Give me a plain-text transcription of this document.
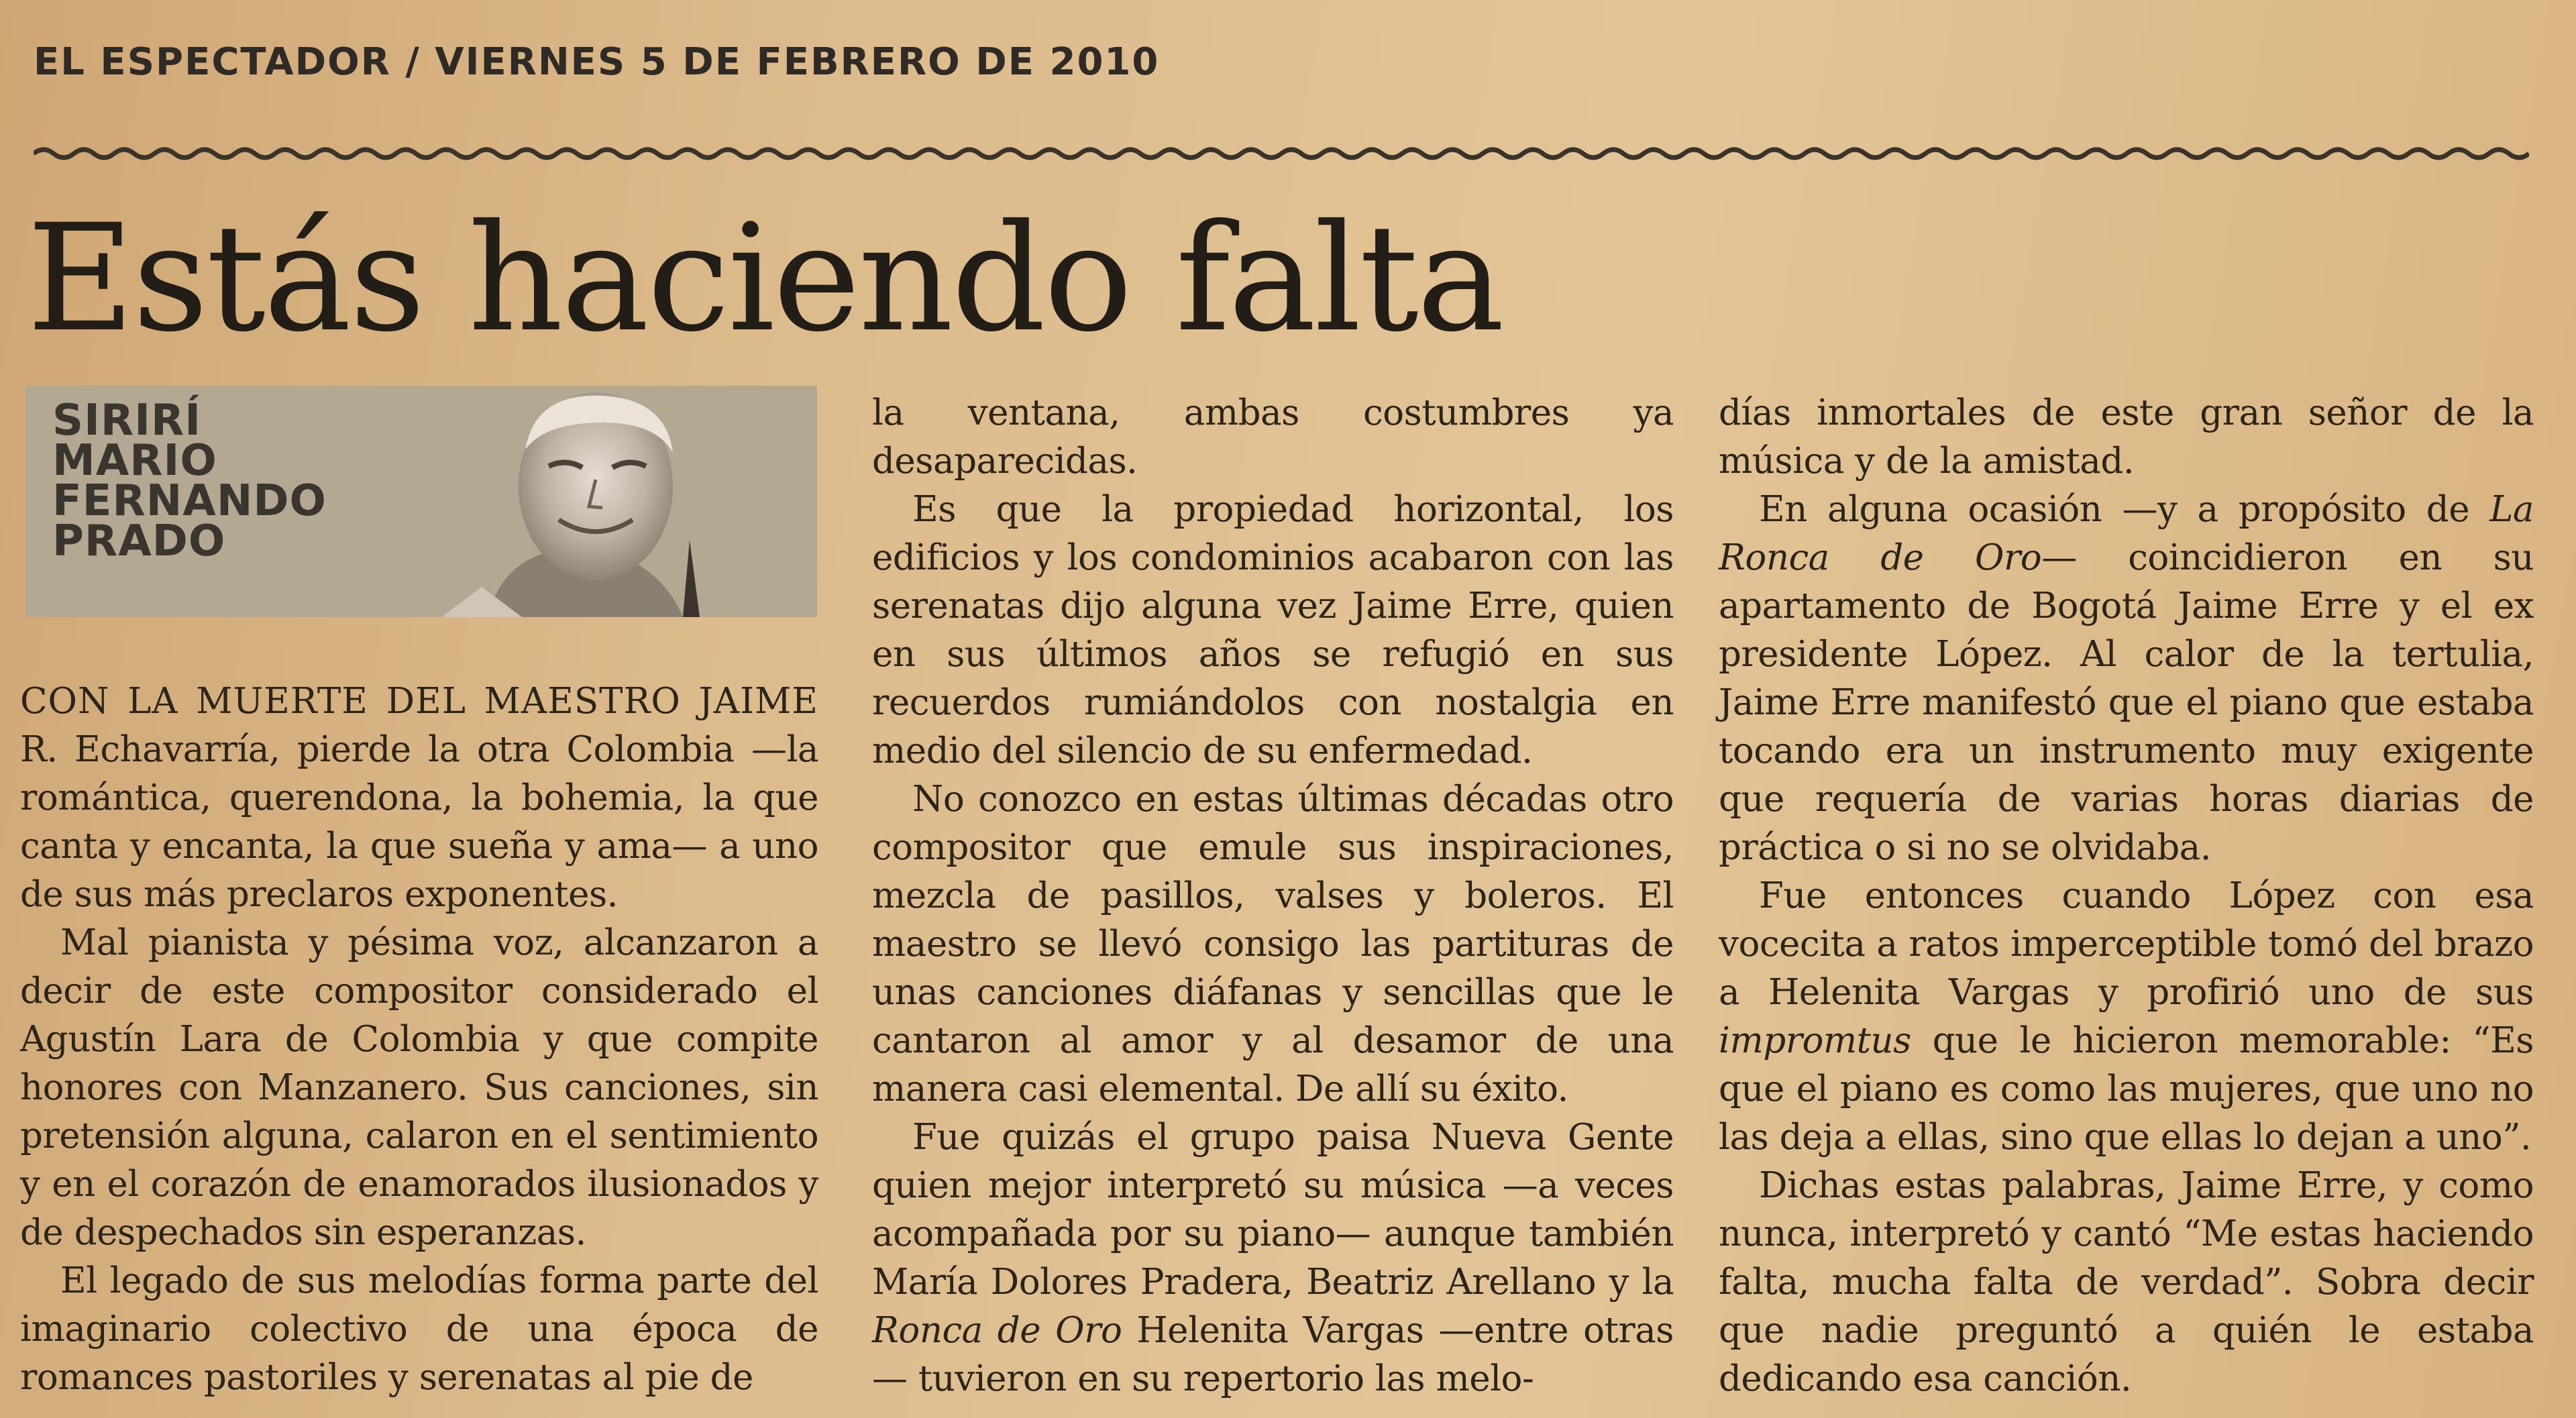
EL ESPECTADOR / VIERNES 5 DE FEBRERO DE 2010
Estás haciendo falta
SIRIRÍ
MARIO
FERNANDO
PRADO

CON LA MUERTE DEL MAESTRO JAIME R. Echavarría, pierde la otra Colombia —la romántica, querendona, la bohemia, la que canta y encanta, la que sueña y ama— a uno de sus más preclaros exponentes.

Mal pianista y pésima voz, alcanzaron a decir de este compositor considerado el Agustín Lara de Colombia y que compite honores con Manzanero. Sus canciones, sin pretensión alguna, calaron en el sentimiento y en el corazón de enamorados ilusionados y de despechados sin esperanzas.

El legado de sus melodías forma parte del imaginario colectivo de una época de romances pastoriles y serenatas al pie de

la ventana, ambas costumbres ya desaparecidas.

Es que la propiedad horizontal, los edificios y los condominios acabaron con las serenatas dijo alguna vez Jaime Erre, quien en sus últimos años se refugió en sus recuerdos rumiándolos con nostalgia en medio del silencio de su enfermedad.

No conozco en estas últimas décadas otro compositor que emule sus inspiraciones, mezcla de pasillos, valses y boleros. El maestro se llevó consigo las partituras de unas canciones diáfanas y sencillas que le cantaron al amor y al desamor de una manera casi elemental. De allí su éxito.

Fue quizás el grupo paisa Nueva Gente quien mejor interpretó su música —a veces acompañada por su piano— aunque también María Dolores Pradera, Beatriz Arellano y la Ronca de Oro Helenita Vargas —entre otras— tuvieron en su repertorio las melo-

días inmortales de este gran señor de la música y de la amistad.

En alguna ocasión —y a propósito de La Ronca de Oro— coincidieron en su apartamento de Bogotá Jaime Erre y el ex presidente López. Al calor de la tertulia, Jaime Erre manifestó que el piano que estaba tocando era un instrumento muy exigente que requería de varias horas diarias de práctica o si no se olvidaba.

Fue entonces cuando López con esa vocecita a ratos imperceptible tomó del brazo a Helenita Vargas y profirió uno de sus impromtus que le hicieron memorable: “Es que el piano es como las mujeres, que uno no las deja a ellas, sino que ellas lo dejan a uno”.

Dichas estas palabras, Jaime Erre, y como nunca, interpretó y cantó “Me estas haciendo falta, mucha falta de verdad”. Sobra decir que nadie preguntó a quién le estaba dedicando esa canción.
